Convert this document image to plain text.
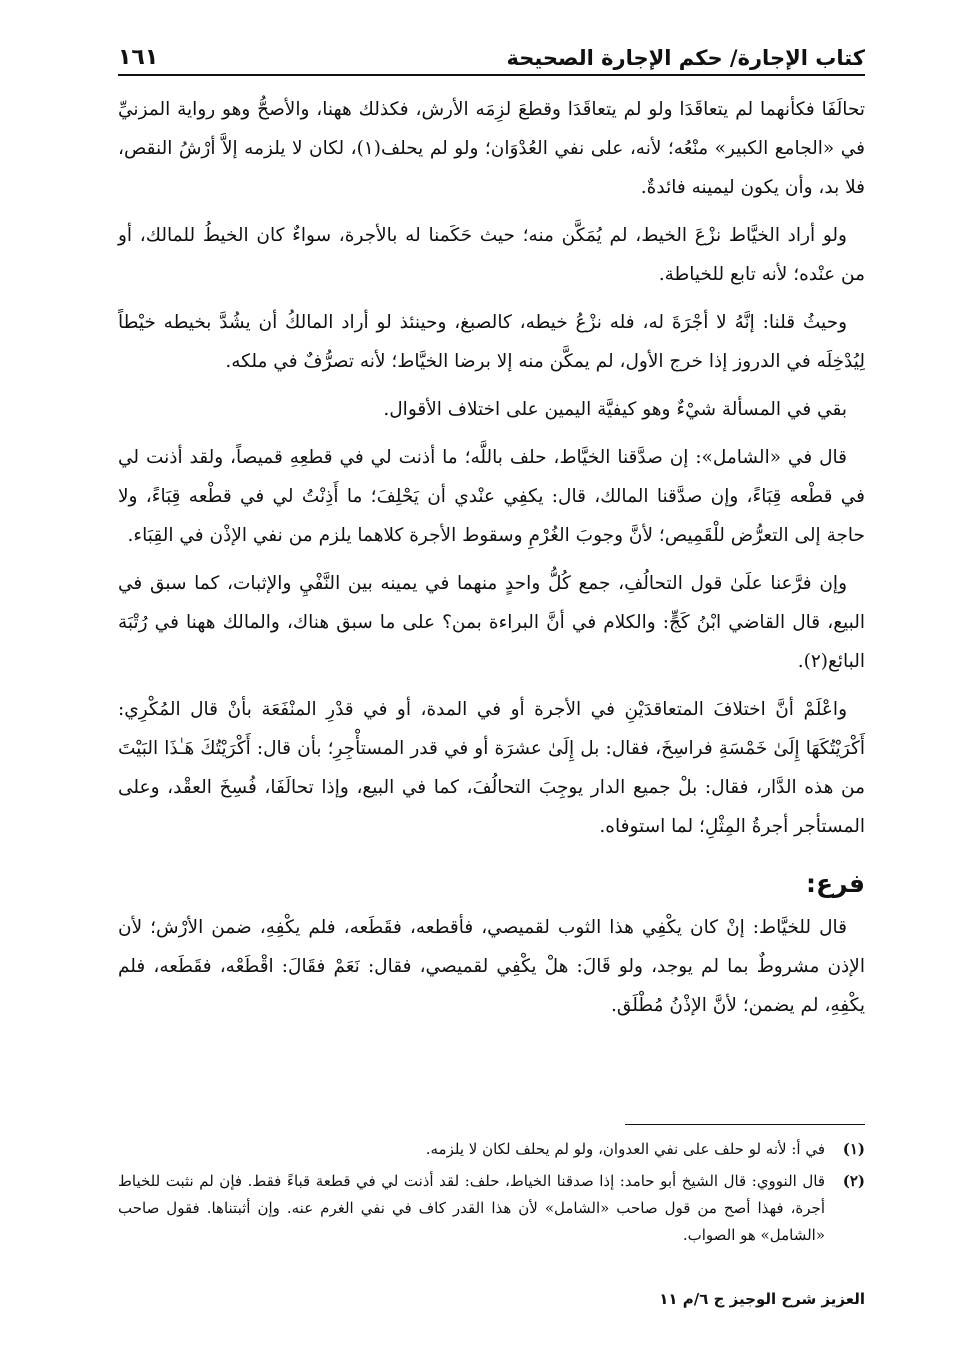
كتاب الإجارة/ حكم الإجارة الصحيحة
١٦١

تحالَفَا فكأنهما لم يتعاقَدَا ولو لم يتعاقَدَا وقطعَ لزِمَه الأرش، فكذلك ههنا، والأصحُّ وهو رواية المزنيِّ في «الجامع الكبير» منْعُه؛ لأنه، على نفي العُدْوَان؛ ولو لم يحلف(١)، لكان لا يلزمه إلاَّ أرْشُ النقص، فلا بد، وأن يكون ليمينه فائدةٌ.

ولو أراد الخيَّاط نزْعَ الخيط، لم يُمَكَّن منه؛ حيث حَكَمنا له بالأجرة، سواءٌ كان الخيطُ للمالك، أو من عنْده؛ لأنه تابع للخياطة.

وحيثُ قلنا: إنَّهُ لا أجْرَةَ له، فله نزْعُ خيطه، كالصبغ، وحينئذ لو أراد المالكُ أن يشُدَّ بخيطه خيْطاً لِيُدْخِلَه في الدروز إذا خرج الأول، لم يمكَّن منه إلا برضا الخيَّاط؛ لأنه تصرُّفٌ في ملكه.

بقي في المسألة شيْءٌ وهو كيفيَّة اليمين على اختلاف الأقوال.

قال في «الشامل»: إن صدَّقنا الخيَّاط، حلف باللَّه؛ ما أذنت لي في قطعِهِ قميصاً، ولقد أذنت لي في قطْعه قِبَاءً، وإن صدَّقنا المالك، قال: يكفِي عنْدي أن يَحْلِفَ؛ ما أَذِنْتُ لي في قطْعه قِبَاءً، ولا حاجة إلى التعرُّض للْقَمِيص؛ لأنَّ وجوبَ الغُرْمِ وسقوط الأجرة كلاهما يلزم من نفي الإذْن في القِبَاء.

وإن فرَّعنا علَىٰ قول التحالُفِ، جمع كُلُّ واحدٍ منهما في يمينه بين النَّفْيِ والإثبات، كما سبق في البيع، قال القاضي ابْنُ كَجٍّ: والكلام في أنَّ البراءة بمن؟ على ما سبق هناك، والمالك ههنا في رُتْبَة البائع(٢).

واعْلَمْ أنَّ اختلافَ المتعاقدَيْنِ في الأجرة أو في المدة، أو في قدْرِ المنْفَعَة بأنْ قال المُكْرِي: أَكْرَيْتُكَهَا إِلَىٰ خَمْسَةِ فراسِخَ، فقال: بل إِلَىٰ عشرَة أو في قدر المستأْجِرِ؛ بأن قال: أَكْرَيْتُكَ هَـٰذَا البَيْتَ من هذه الدَّار، فقال: بلْ جميع الدار يوجِبَ التحالُفَ، كما في البيع، وإذا تحالَفَا، فُسِخَ العقْد، وعلى المستأجر أجرةُ المِثْلِ؛ لما استوفاه.

فرع:

قال للخيَّاط: إنْ كان يكْفِي هذا الثوب لقميصي، فأقطعه، فقَطَعه، فلم يكْفِهِ، ضمن الأرْش؛ لأن الإذن مشروطٌ بما لم يوجد، ولو قَالَ: هلْ يكْفِي لقميصي، فقال: نَعَمْ فقَالَ: اقْطَعْه، فقَطَعه، فلم يكْفِهِ، لم يضمن؛ لأنَّ الإذْنُ مُطْلَق.

(١)
في أ: لأنه لو حلف على نفي العدوان، ولو لم يحلف لكان لا يلزمه.
(٢)
قال النووي: قال الشيخ أبو حامد: إذا صدقنا الخياط، حلف: لقد أذنت لي في قطعة قباءً فقط. فإن لم نثبت للخياط أجرة، فهذا أصح من قول صاحب «الشامل» لأن هذا القدر كاف في نفي الغرم عنه. وإن أثبتناها. فقول صاحب «الشامل» هو الصواب.
العزيز شرح الوجيز ج ٦/م ١١
